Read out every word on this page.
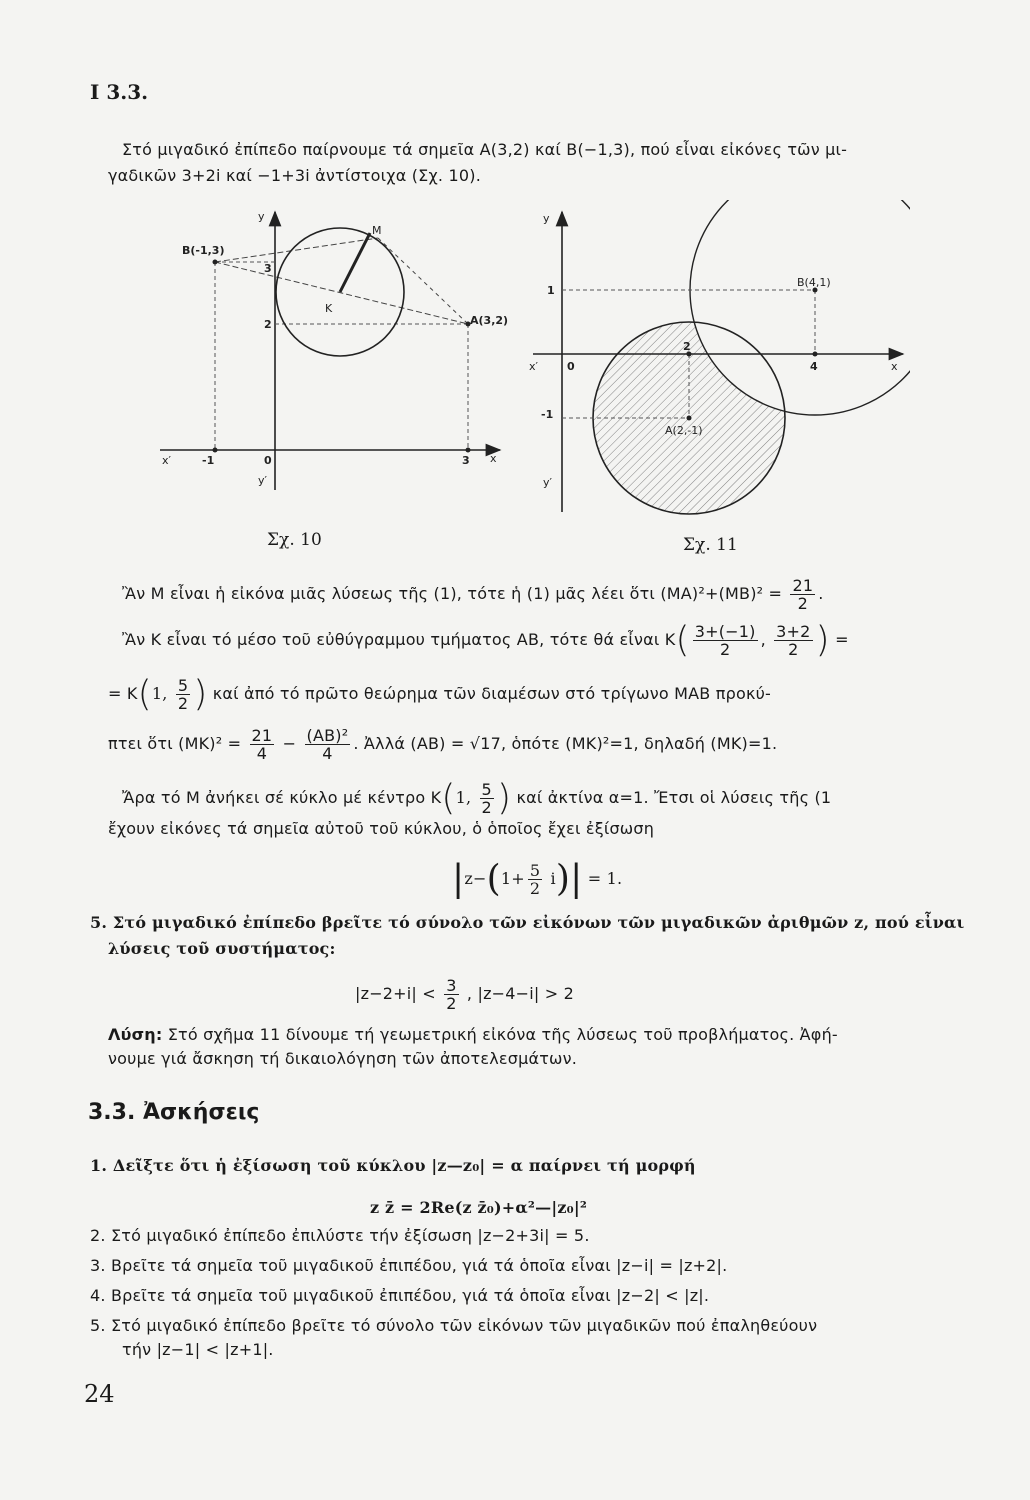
Ι 3.3.
Στό μιγαδικό ἐπίπεδο παίρνουμε τά σημεῖα Α(3,2) καί Β(−1,3), πού εἶναι εἰκόνες τῶν μι-
γαδικῶν 3+2i καί −1+3i ἀντίστοιχα (Σχ. 10).
B(-1,3)
A(3,2)
M
K
y
y′
x
x′
3
2
0
-1	3
y
y′
x
x′	0
1
-1
2
4
B(4,1)
A(2,-1)
Σχ. 10	Σχ. 11
Ἂν Μ εἶναι ἡ εἰκόνα μιᾶς λύσεως τῆς (1), τότε ἡ (1) μᾶς λέει ὅτι $(MA)^2+(MB)^2 = \frac{21}{2}$ .
Ἂν Κ εἶναι τό μέσο τοῦ εὐθύγραμμου τμήματος ΑΒ, τότε θά εἶναι $K( \frac{3+(-1)}{2}$ , $\frac{3+2}{2}$ ) =
= Κ(1, $\frac{5}{2}$ ) καί ἀπό τό πρῶτο θεώρημα τῶν διαμέσων στό τρίγωνο ΜΑΒ προκύ-
πτει ὅτι $(MK)^2 = \frac{21}{4} - \frac{\text{(ΑΒ)²}}{4}$ . Ἀλλά (ΑΒ) = √17, ὁπότε (ΜΚ)²=1, δηλαδή (ΜΚ)=1.
Ἄρα τό Μ ἀνήκει σέ κύκλο μέ κέντρο Κ(1, $\frac{5}{2}$ ) καί ἀκτίνα α=1. Ἔτσι οἱ λύσεις τῆς (1
ἔχουν εἰκόνες τά σημεῖα αὐτοῦ τοῦ κύκλου, ὁ ὁποῖος ἔχει ἐξίσωση
$|z-(1+ \frac{5}{2} i)| = 1$.
5. Στό μιγαδικό ἐπίπεδο βρεῖτε τό σύνολο τῶν εἰκόνων τῶν μιγαδικῶν ἀριθμῶν z, πού εἶναι
λύσεις τοῦ συστήματος:
$|z-2+i| < \frac{3}{2}$ , |z−4−i| > 2
Λύση: Στό σχῆμα 11 δίνουμε τή γεωμετρική εἰκόνα τῆς λύσεως τοῦ προβλήματος. Ἀφή-
νουμε γιά ἄσκηση τή δικαιολόγηση τῶν ἀποτελεσμάτων.
3.3. Ἀσκήσεις
1. Δεῖξτε ὅτι ἡ ἐξίσωση τοῦ κύκλου |z—z₀| = α παίρνει τή μορφή
z z̄ = 2Re(z z̄₀)+α²—|z₀|²
2. Στό μιγαδικό ἐπίπεδο ἐπιλύστε τήν ἐξίσωση |z−2+3i| = 5.
3. Βρεῖτε τά σημεῖα τοῦ μιγαδικοῦ ἐπιπέδου, γιά τά ὁποῖα εἶναι |z−i| = |z+2|.
4. Βρεῖτε τά σημεῖα τοῦ μιγαδικοῦ ἐπιπέδου, γιά τά ὁποῖα εἶναι |z−2| < |z|.
5. Στό μιγαδικό ἐπίπεδο βρεῖτε τό σύνολο τῶν εἰκόνων τῶν μιγαδικῶν πού ἐπαληθεύουν
τήν |z−1| < |z+1|.
24
